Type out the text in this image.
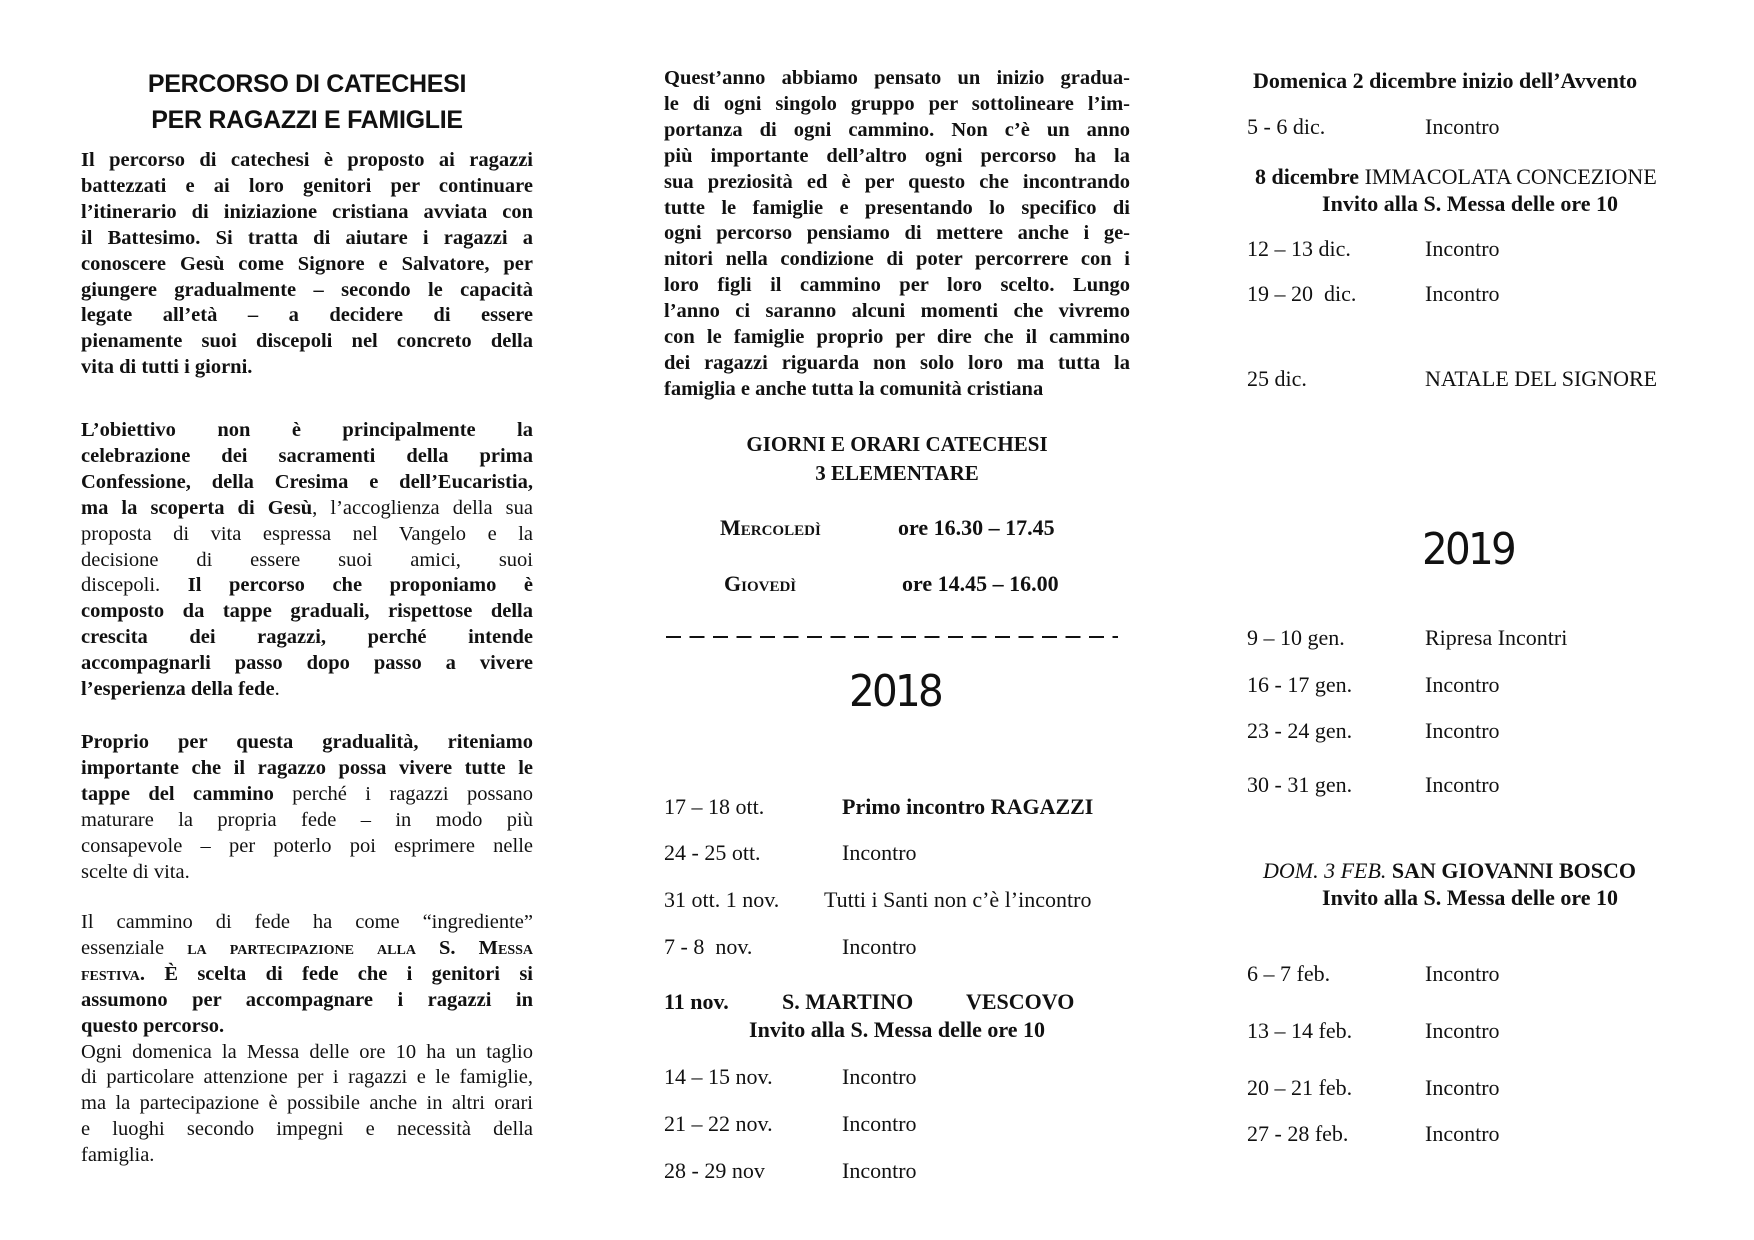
PERCORSO DI CATECHESI
PER RAGAZZI E FAMIGLIE
Il percorso di catechesi è proposto ai ragazzi
battezzati e ai loro genitori per continuare
l’itinerario di iniziazione cristiana avviata con
il Battesimo. Si tratta di aiutare i ragazzi a
conoscere Gesù come Signore e Salvatore, per
giungere gradualmente – secondo le capacità
legate all’età – a decidere di essere
pienamente suoi discepoli nel concreto della
vita di tutti i giorni.
L’obiettivo non è principalmente la
celebrazione dei sacramenti della prima
Confessione, della Cresima e dell’Eucaristia,
ma la scoperta di Gesù, l’accoglienza della sua
proposta di vita espressa nel Vangelo e la
decisione di essere suoi amici, suoi
discepoli. Il percorso che proponiamo è
composto da tappe graduali, rispettose della
crescita dei ragazzi, perché intende
accompagnarli passo dopo passo a vivere
l’esperienza della fede.
Proprio per questa gradualità, riteniamo
importante che il ragazzo possa vivere tutte le
tappe del cammino perché i ragazzi possano
maturare la propria fede – in modo più
consapevole – per poterlo poi esprimere nelle
scelte di vita.
Il cammino di fede ha come “ingrediente”
essenziale la partecipazione alla S. Messa
festiva. È scelta di fede che i genitori si
assumono per accompagnare i ragazzi in
questo percorso.
Ogni domenica la Messa delle ore 10 ha un taglio
di particolare attenzione per i ragazzi e le famiglie,
ma la partecipazione è possibile anche in altri orari
e luoghi secondo impegni e necessità della
famiglia.
Quest’anno abbiamo pensato un inizio gradua-
le di ogni singolo gruppo per sottolineare l’im-
portanza di ogni cammino. Non c’è un anno
più importante dell’altro ogni percorso ha la
sua preziosità ed è per questo che incontrando
tutte le famiglie e presentando lo specifico di
ogni percorso pensiamo di mettere anche i ge-
nitori nella condizione di poter percorrere con i
loro figli il cammino per loro scelto. Lungo
l’anno ci saranno alcuni momenti che vivremo
con le famiglie proprio per dire che il cammino
dei ragazzi riguarda non solo loro ma tutta la
famiglia e anche tutta la comunità cristiana
GIORNI E ORARI CATECHESI
3 ELEMENTARE
Mercoledì	ore 16.30 – 17.45
Giovedì	ore 14.45 – 16.00
2018
17 – 18 ott.	Primo incontro RAGAZZI
24 - 25 ott.	Incontro
31 ott. 1 nov. Tutti i Santi non c’è l’incontro
7 - 8  nov.	Incontro
11 nov. S. MARTINO VESCOVO
Invito alla S. Messa delle ore 10
14 – 15 nov.	Incontro
21 – 22 nov.	Incontro
28 - 29 nov	Incontro
Domenica 2 dicembre inizio dell’Avvento
5 - 6 dic.	Incontro
8 dicembre IMMACOLATA CONCEZIONE
Invito alla S. Messa delle ore 10
12 – 13 dic.	Incontro
19 – 20  dic.	Incontro
25 dic.	NATALE DEL SIGNORE
2019
9 – 10 gen.	Ripresa Incontri
16 - 17 gen.	Incontro
23 - 24 gen.	Incontro
30 - 31 gen.	Incontro
DOM. 3 FEB. SAN GIOVANNI BOSCO
Invito alla S. Messa delle ore 10
6 – 7 feb.	Incontro
13 – 14 feb.	Incontro
20 – 21 feb.	Incontro
27 - 28 feb.	Incontro
